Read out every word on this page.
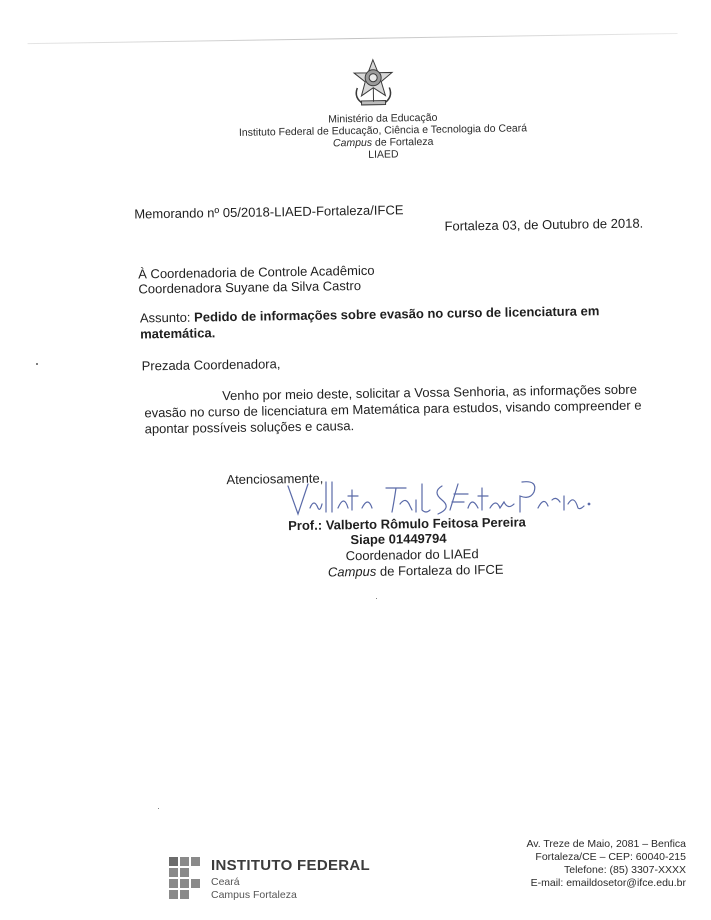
Ministério da Educação
Instituto Federal de Educação, Ciência e Tecnologia do Ceará
Campus de Fortaleza
LIAED
Memorando nº 05/2018-LIAED-Fortaleza/IFCE
Fortaleza 03, de Outubro de 2018.
À Coordenadoria de Controle Acadêmico
Coordenadora Suyane da Silva Castro
Assunto: Pedido de informações sobre evasão no curso de licenciatura em
matemática.
Prezada Coordenadora,
Venho por meio deste, solicitar a Vossa Senhoria, as informações sobre
evasão no curso de licenciatura em Matemática para estudos, visando compreender e
apontar possíveis soluções e causa.
Atenciosamente,
Prof.: Valberto Rômulo Feitosa Pereira
Siape 01449794
Coordenador do LIAEd
Campus de Fortaleza do IFCE
INSTITUTO FEDERAL
Ceará
Campus Fortaleza
Av. Treze de Maio, 2081 – Benfica
Fortaleza/CE – CEP: 60040-215
Telefone: (85) 3307-XXXX
E-mail: emaildosetor@ifce.edu.br
